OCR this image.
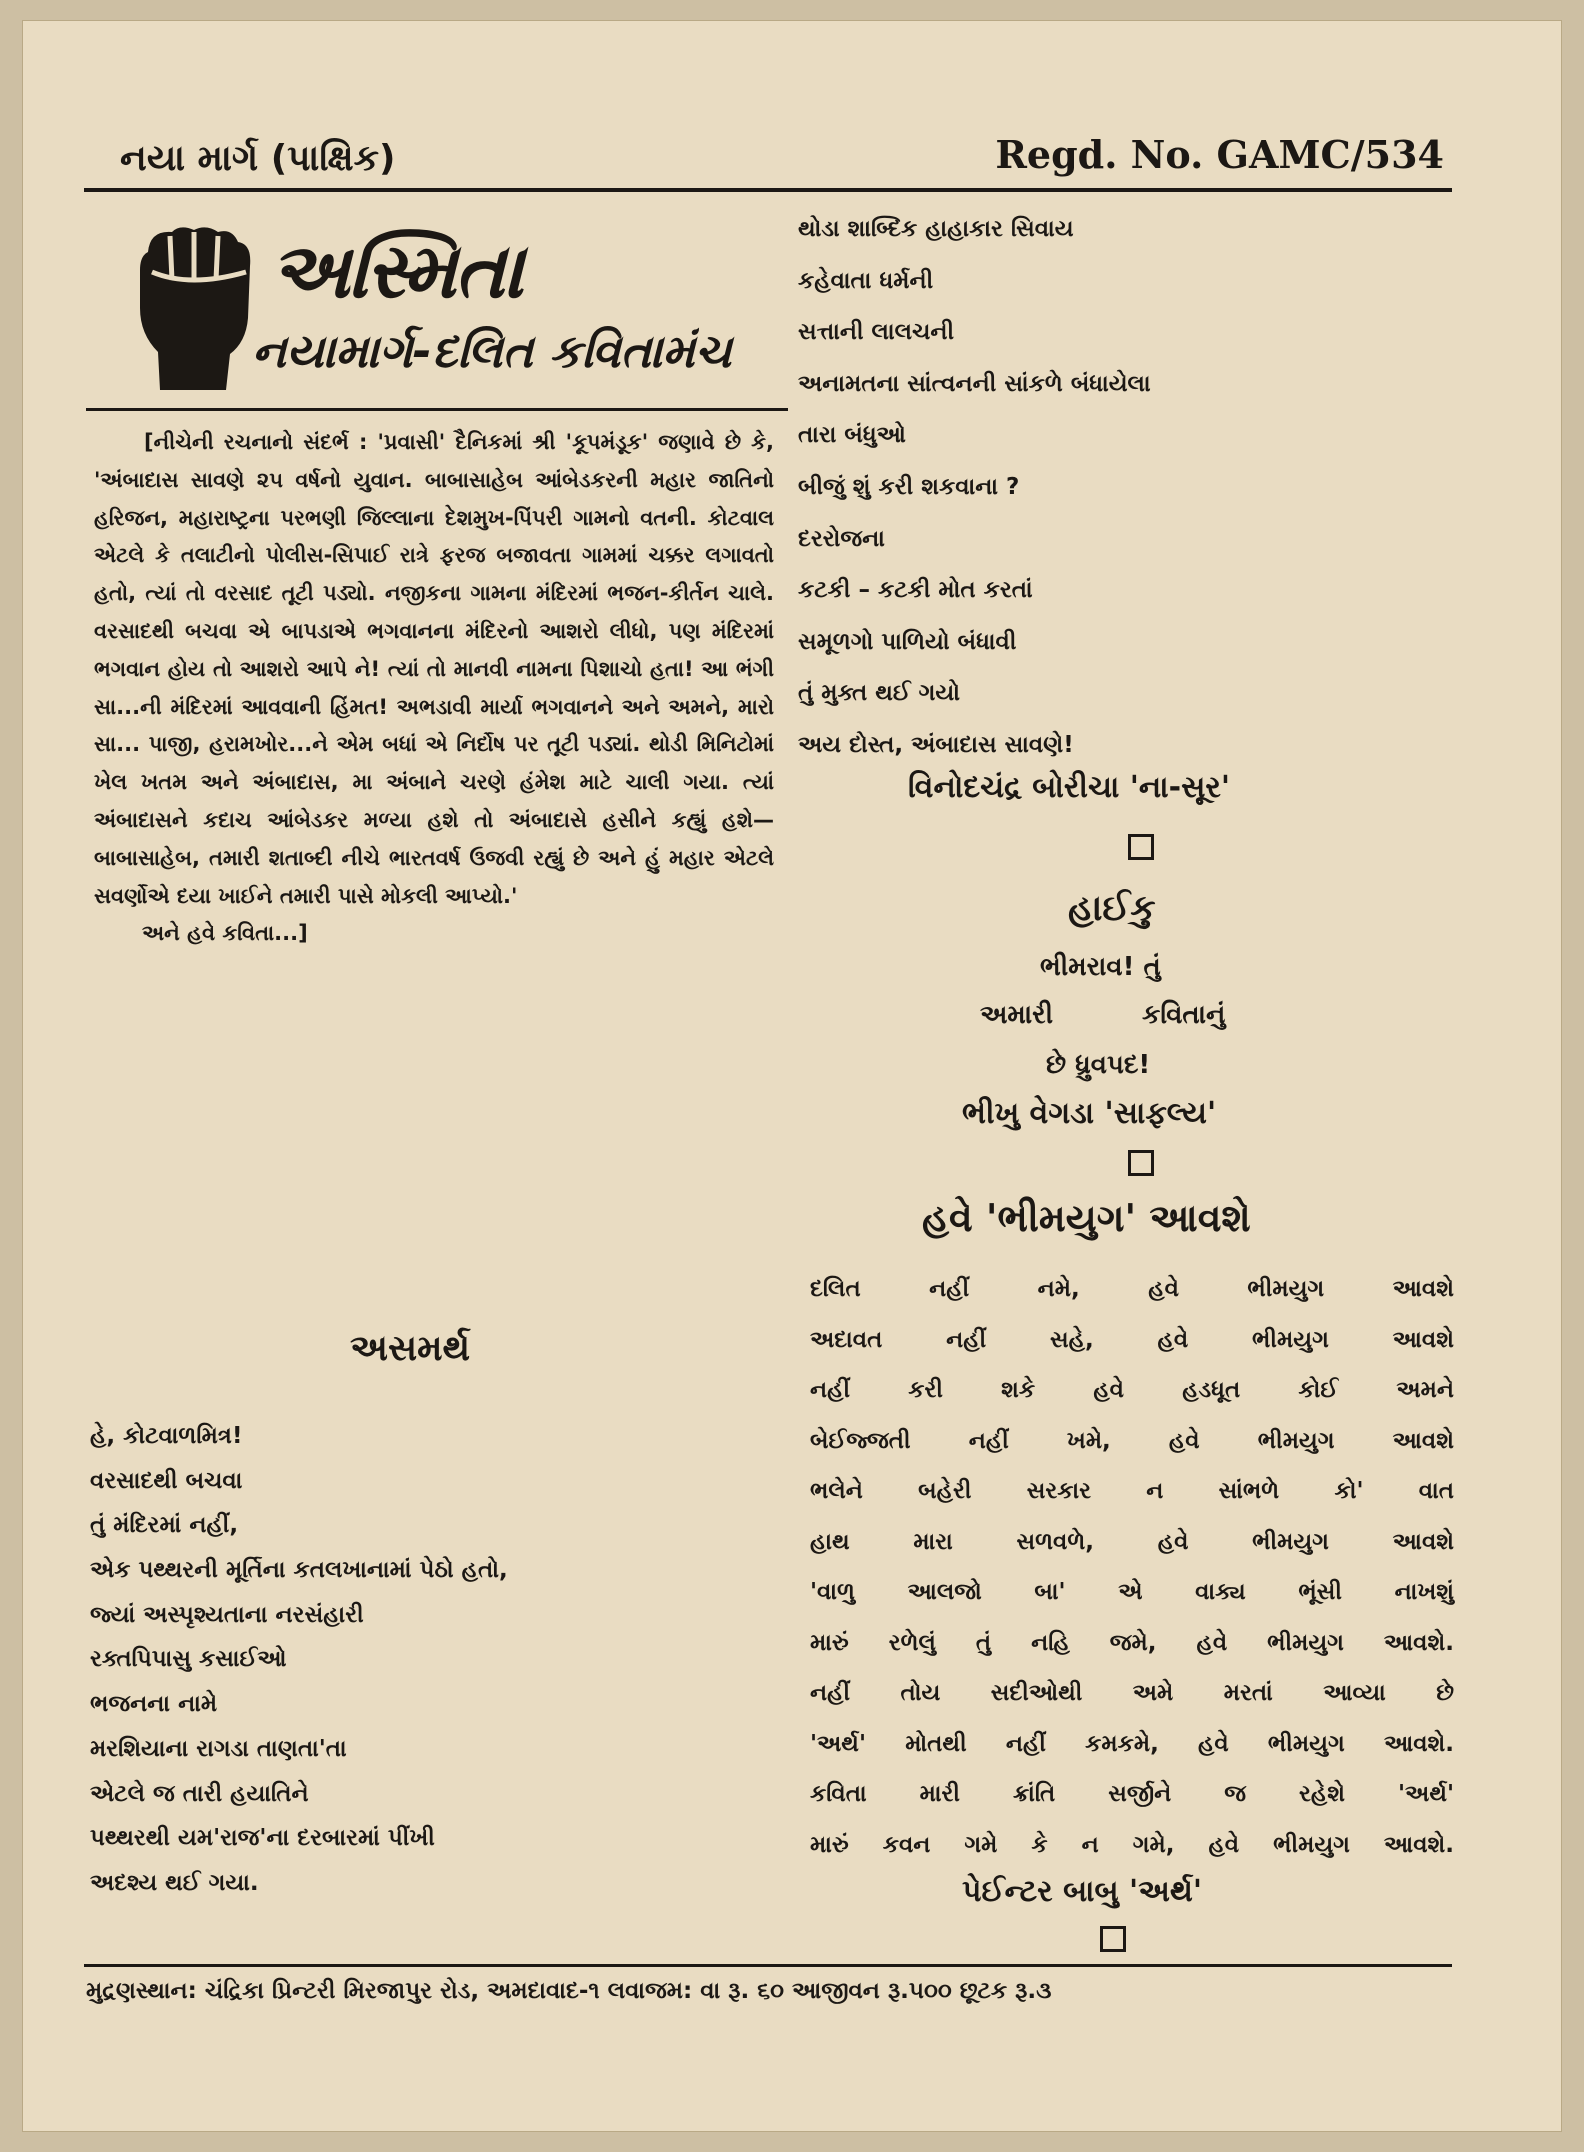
નયા માર્ગ (પાક્ષિક)	Regd. No. GAMC/534
અસ્મિતા
નયામાર્ગ-દલિત કવિતામંચ

[નીચેની રચનાનો સંદર્ભ : 'પ્રવાસી' દૈનિકમાં શ્રી 'કૂપમંડૂક' જણાવે છે કે, 'અંબાદાસ સાવણે ૨૫ વર્ષનો યુવાન. બાબાસાહેબ આંબેડકરની મહાર જાતિનો હરિજન, મહારાષ્ટ્રના પરભણી જિલ્લાના દેશમુખ-પિંપરી ગામનો વતની. કોટવાલ એટલે કે તલાટીનો પોલીસ-સિપાઈ રાત્રે ફરજ બજાવતા ગામમાં ચક્કર લગાવતો હતો, ત્યાં તો વરસાદ તૂટી પડ્યો. નજીકના ગામના મંદિરમાં ભજન-કીર્તન ચાલે. વરસાદથી બચવા એ બાપડાએ ભગવાનના મંદિરનો આશરો લીધો, પણ મંદિરમાં ભગવાન હોય તો આશરો આપે ને! ત્યાં તો માનવી નામના પિશાચો હતા! આ ભંગી સા...ની મંદિરમાં આવવાની હિંમત! અભડાવી માર્યા ભગવાનને અને અમને, મારો સા... પાજી, હરામખોર...ને એમ બધાં એ નિર્દોષ પર તૂટી પડ્યાં. થોડી મિનિટોમાં ખેલ ખતમ અને અંબાદાસ, મા અંબાને ચરણે હંમેશ માટે ચાલી ગયા. ત્યાં અંબાદાસને કદાચ આંબેડકર મળ્યા હશે તો અંબાદાસે હસીને કહ્યું હશે—બાબાસાહેબ, તમારી શતાબ્દી નીચે ભારતવર્ષ ઉજવી રહ્યું છે અને હું મહાર એટલે સવર્ણોએ દયા ખાઈને તમારી પાસે મોકલી આપ્યો.'

અને હવે કવિતા...]
અસમર્થ
હે, કોટવાળમિત્ર!
વરસાદથી બચવા
તું મંદિરમાં નહીં,
એક પથ્થરની મૂર્તિના કતલખાનામાં પેઠો હતો,
જ્યાં અસ્પૃશ્યતાના નરસંહારી
રક્તપિપાસુ કસાઈઓ
ભજનના નામે
મરશિયાના રાગડા તાણતા'તા
એટલે જ તારી હયાતિને
પથ્થરથી યમ'રાજ'ના દરબારમાં પીંખી
અદશ્ય થઈ ગયા.
થોડા શાબ્દિક હાહાકાર સિવાય
કહેવાતા ધર્મની
સત્તાની લાલચની
અનામતના સાંત્વનની સાંકળે બંધાયેલા
તારા બંધુઓ
બીજું શું કરી શકવાના ?
દરરોજના
કટકી – કટકી મોત કરતાં
સમૂળગો પાળિયો બંધાવી
તું મુક્ત થઈ ગયો
અય દોસ્ત, અંબાદાસ સાવણે!
વિનોદચંદ્ર બોરીચા 'ના-સૂર'
હાઈકુ
ભીમરાવ! તું
અમારી	કવિતાનું
છે ધ્રુવપદ!
ભીખુ વેગડા 'સાફલ્ય'
હવે 'ભીમયુગ' આવશે
દલિત નહીં નમે, હવે ભીમયુગ આવશે
અદાવત નહીં સહે, હવે ભીમયુગ આવશે
નહીં કરી શકે હવે હડધૂત કોઈ અમને
બેઈજ્જતી નહીં ખમે, હવે ભીમયુગ આવશે
ભલેને બહેરી સરકાર ન સાંભળે કો' વાત
હાથ મારા સળવળે, હવે ભીમયુગ આવશે
'વાળુ આલજો બા' એ વાક્ય ભૂંસી નાખશું
મારું રળેલું તું નહિ જમે, હવે ભીમયુગ આવશે.
નહીં તોય સદીઓથી અમે મરતાં આવ્યા છે
'અર્થ' મોતથી નહીં કમકમે, હવે ભીમયુગ આવશે.
કવિતા મારી ક્રાંતિ સર્જીને જ રહેશે 'અર્થ'
મારું કવન ગમે કે ન ગમે, હવે ભીમયુગ આવશે.
પેઈન્ટર બાબુ 'અર્થ'
મુદ્રણસ્થાન: ચંદ્રિકા પ્રિન્ટરી મિરજાપુર રોડ, અમદાવાદ-૧ લવાજમ: વા રૂ. ૬૦ આજીવન રૂ.૫૦૦ છૂટક રૂ.૩
